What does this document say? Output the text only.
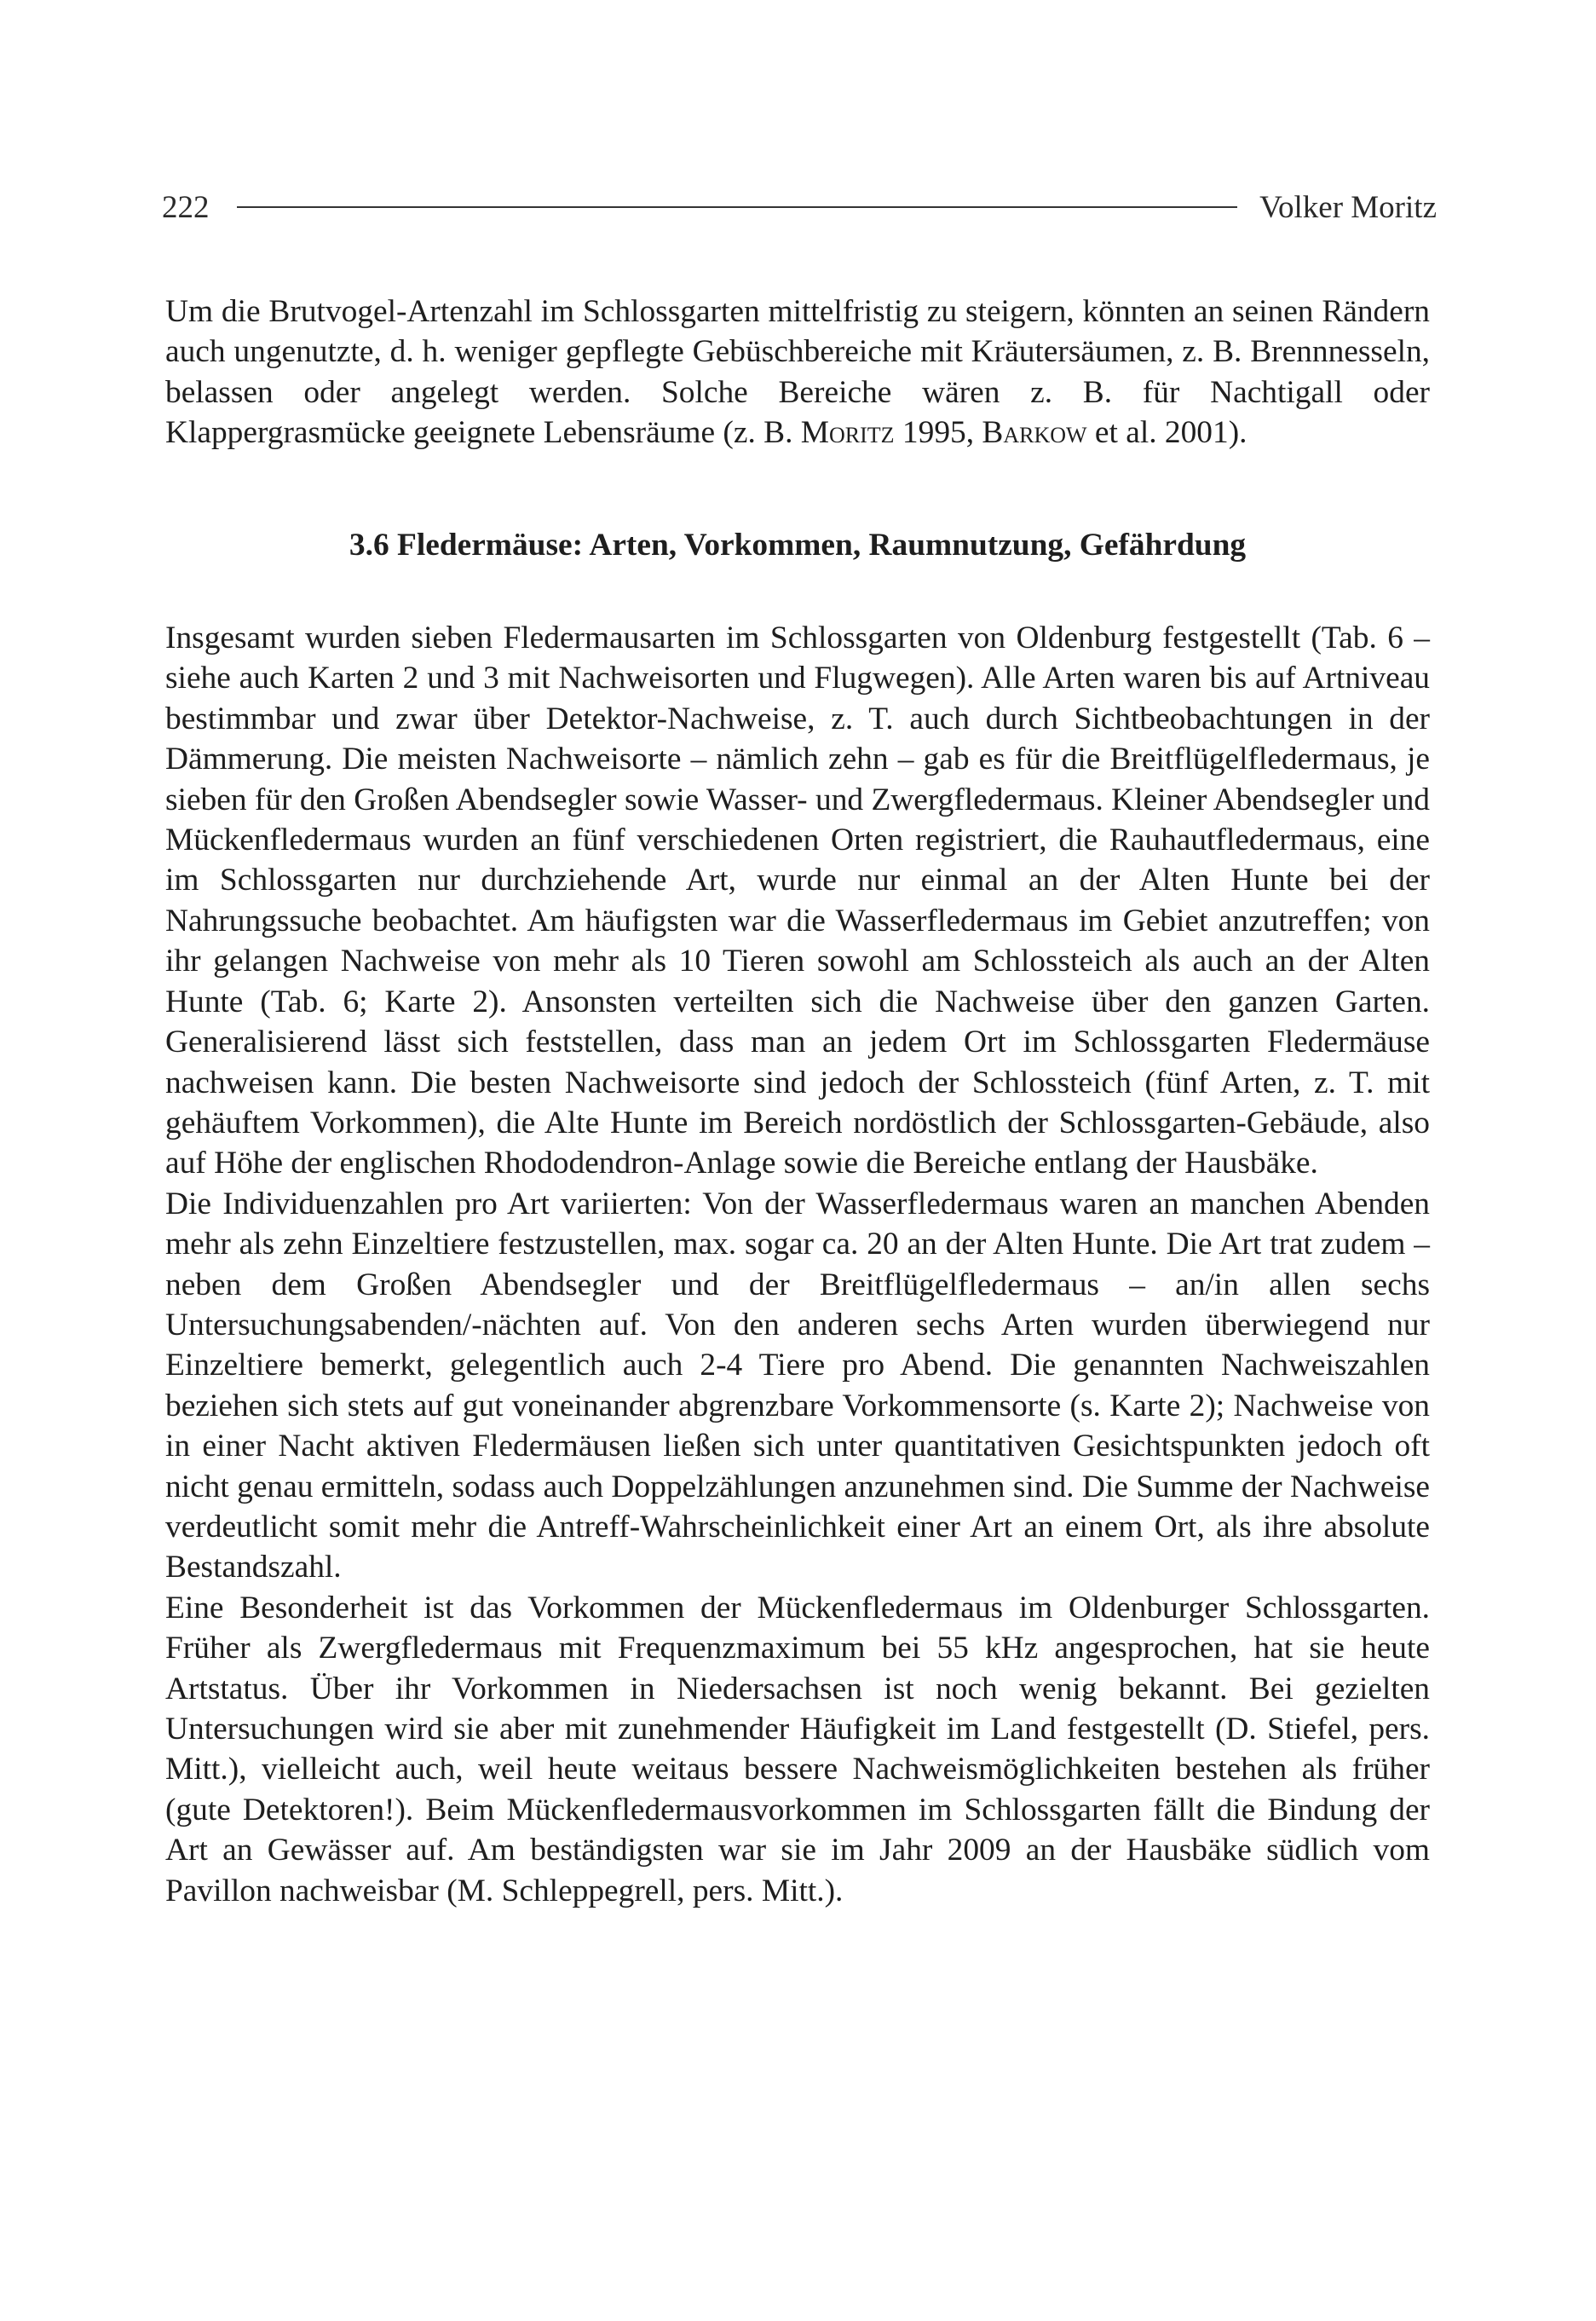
222	Volker Moritz

Um die Brutvogel-Artenzahl im Schlossgarten mittelfristig zu steigern, könnten an seinen Rändern auch ungenutzte, d. h. weniger gepflegte Gebüschbereiche mit Kräutersäumen, z. B. Brennnesseln, belassen oder angelegt werden. Solche Bereiche wären z. B. für Nachtigall oder Klappergrasmücke geeignete Lebensräume (z. B. Moritz 1995, Barkow et al. 2001).

3.6 Fledermäuse: Arten, Vorkommen, Raumnutzung, Gefährdung

Insgesamt wurden sieben Fledermausarten im Schlossgarten von Oldenburg festgestellt (Tab. 6 – siehe auch Karten 2 und 3 mit Nachweisorten und Flugwegen). Alle Arten waren bis auf Artniveau bestimmbar und zwar über Detektor-Nachweise, z. T. auch durch Sichtbeobachtungen in der Dämmerung. Die meisten Nachweisorte – nämlich zehn – gab es für die Breitflügelfledermaus, je sieben für den Großen Abendsegler sowie Wasser- und Zwergfledermaus. Kleiner Abendsegler und Mückenfledermaus wurden an fünf verschiedenen Orten registriert, die Rauhautfledermaus, eine im Schlossgarten nur durchziehende Art, wurde nur einmal an der Alten Hunte bei der Nahrungssuche beobachtet. Am häufigsten war die Wasserfledermaus im Gebiet anzutreffen; von ihr gelangen Nachweise von mehr als 10 Tieren sowohl am Schlossteich als auch an der Alten Hunte (Tab. 6; Karte 2). Ansonsten verteilten sich die Nachweise über den ganzen Garten. Generalisierend lässt sich feststellen, dass man an jedem Ort im Schlossgarten Fledermäuse nachweisen kann. Die besten Nachweisorte sind jedoch der Schlossteich (fünf Arten, z. T. mit gehäuftem Vorkommen), die Alte Hunte im Bereich nordöstlich der Schlossgarten-Gebäude, also auf Höhe der englischen Rhododendron-Anlage sowie die Bereiche entlang der Hausbäke.

Die Individuenzahlen pro Art variierten: Von der Wasserfledermaus waren an manchen Abenden mehr als zehn Einzeltiere festzustellen, max. sogar ca. 20 an der Alten Hunte. Die Art trat zudem – neben dem Großen Abendsegler und der Breitflügelfledermaus – an/in allen sechs Untersuchungsabenden/-nächten auf. Von den anderen sechs Arten wurden überwiegend nur Einzeltiere bemerkt, gelegentlich auch 2-4 Tiere pro Abend. Die genannten Nachweiszahlen beziehen sich stets auf gut voneinander abgrenzbare Vorkommensorte (s. Karte 2); Nachweise von in einer Nacht aktiven Fledermäusen ließen sich unter quantitativen Gesichtspunkten jedoch oft nicht genau ermitteln, sodass auch Doppelzählungen anzunehmen sind. Die Summe der Nachweise verdeutlicht somit mehr die Antreff-Wahrscheinlichkeit einer Art an einem Ort, als ihre absolute Bestandszahl.

Eine Besonderheit ist das Vorkommen der Mückenfledermaus im Oldenburger Schlossgarten. Früher als Zwergfledermaus mit Frequenzmaximum bei 55 kHz angesprochen, hat sie heute Artstatus. Über ihr Vorkommen in Niedersachsen ist noch wenig bekannt. Bei gezielten Untersuchungen wird sie aber mit zunehmender Häufigkeit im Land festgestellt (D. Stiefel, pers. Mitt.), vielleicht auch, weil heute weitaus bessere Nachweismöglichkeiten bestehen als früher (gute Detektoren!). Beim Mückenfledermausvorkommen im Schlossgarten fällt die Bindung der Art an Gewässer auf. Am beständigsten war sie im Jahr 2009 an der Hausbäke südlich vom Pavillon nachweisbar (M. Schleppegrell, pers. Mitt.).
